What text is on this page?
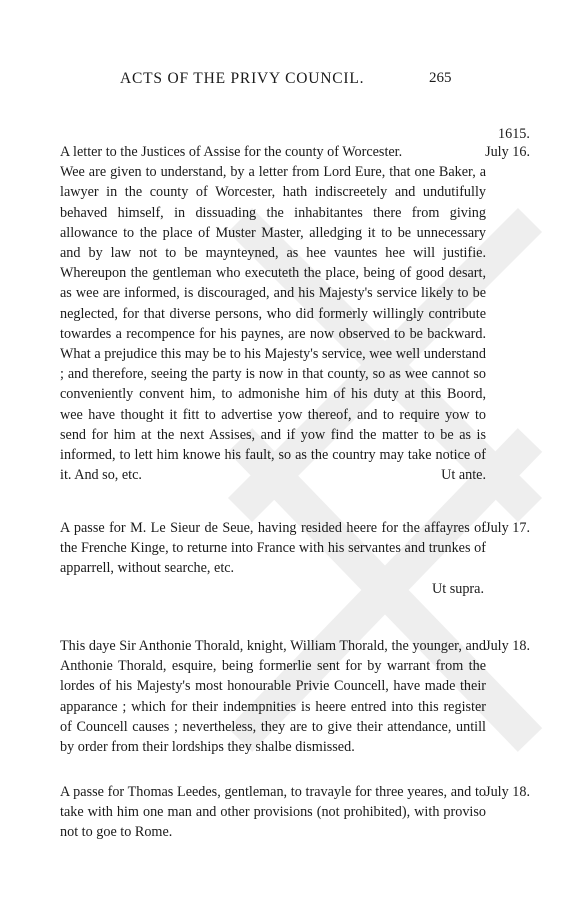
ACTS OF THE PRIVY COUNCIL.	265
1615.
July 16.

A letter to the Justices of Assise for the county of Worcester.

Wee are given to understand, by a letter from Lord Eure, that one Baker, a lawyer in the county of Worcester, hath indiscreetely and undutifully behaved himself, in dissuading the inhabitantes there from giving allowance to the place of Muster Master, alledging it to be unnecessary and by law not to be maynteyned, as hee vauntes hee will justifie. Whereupon the gentleman who executeth the place, being of good desart, as wee are informed, is discouraged, and his Majesty's service likely to be neglected, for that diverse persons, who did formerly willingly contribute towardes a recompence for his paynes, are now observed to be backward. What a prejudice this may be to his Majesty's service, wee well understand ; and therefore, seeing the party is now in that county, so as wee cannot so conveniently convent him, to admonishe him of his duty at this Boord, wee have thought it fitt to advertise yow thereof, and to require yow to send for him at the next Assises, and if yow find the matter to be as is informed, to lett him knowe his fault, so as the country may take notice of it. And so, etc.	Ut ante.

July 17.

A passe for M. Le Sieur de Seue, having resided heere for the affayres of the Frenche Kinge, to returne into France with his servantes and trunkes of apparrell, without searche, etc.

Ut supra.

July 18.

This daye Sir Anthonie Thorald, knight, William Thorald, the younger, and Anthonie Thorald, esquire, being formerlie sent for by warrant from the lordes of his Majesty's most honourable Privie Councell, have made their apparance ; which for their indempnities is heere entred into this register of Councell causes ; nevertheless, they are to give their attendance, untill by order from their lordships they shalbe dismissed.

July 18.

A passe for Thomas Leedes, gentleman, to travayle for three yeares, and to take with him one man and other provisions (not prohibited), with proviso not to goe to Rome.
